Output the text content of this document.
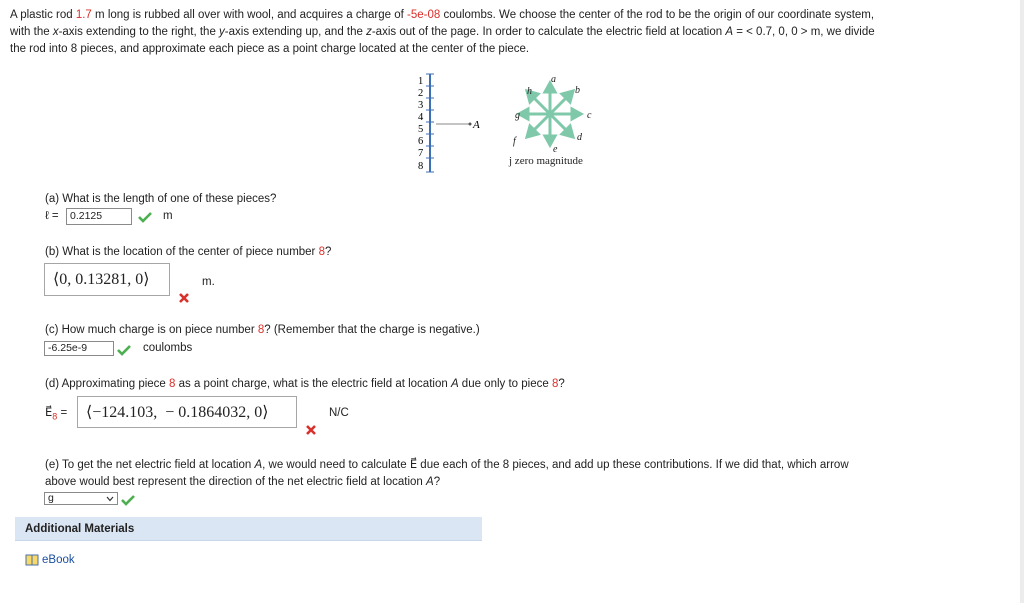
A plastic rod 1.7 m long is rubbed all over with wool, and acquires a charge of -5e-08 coulombs. We choose the center of the rod to be the origin of our coordinate system,
with the x-axis extending to the right, the y-axis extending up, and the z-axis out of the page. In order to calculate the electric field at location A = < 0.7, 0, 0 > m, we divide
the rod into 8 pieces, and approximate each piece as a point charge located at the center of the piece.
1
2
3
4
5
6
7
8
A
a
b
c
d
e
f
g
h
j zero magnitude
(a) What is the length of one of these pieces?
ℓ =	0.2125	m
(b) What is the location of the center of piece number 8?
⟨0, 0.13281, 0⟩	m.
(c) How much charge is on piece number 8? (Remember that the charge is negative.)
-6.25e-9	coulombs
(d) Approximating piece 8 as a point charge, what is the electric field at location A due only to piece 8?
$E⃗_8$ =	⟨−124.103,  − 0.1864032, 0⟩	N/C
(e) To get the net electric field at location A, we would need to calculate E⃗ due each of the 8 pieces, and add up these contributions. If we did that, which arrow
above would best represent the direction of the net electric field at location A?
g
Additional Materials
eBook
